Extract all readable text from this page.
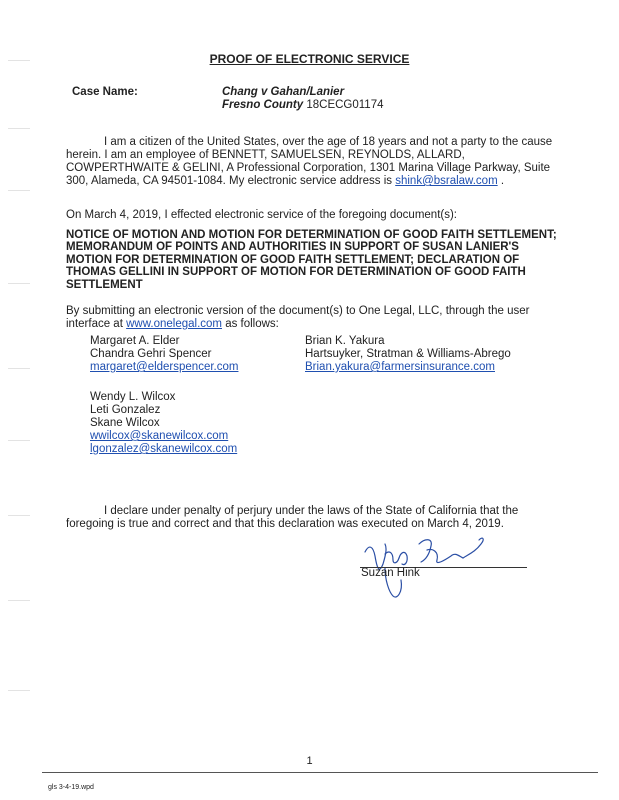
PROOF OF ELECTRONIC SERVICE
Case Name:	Chang v Gahan/Lanier
Fresno County 18CECG01174
I am a citizen of the United States, over the age of 18 years and not a party to the cause herein. I am an employee of BENNETT, SAMUELSEN, REYNOLDS, ALLARD, COWPERTHWAITE & GELINI, A Professional Corporation, 1301 Marina Village Parkway, Suite 300, Alameda, CA 94501-1084. My electronic service address is shink@bsralaw.com .
On March 4, 2019, I effected electronic service of the foregoing document(s):
NOTICE OF MOTION AND MOTION FOR DETERMINATION OF GOOD FAITH SETTLEMENT; MEMORANDUM OF POINTS AND AUTHORITIES IN SUPPORT OF SUSAN LANIER'S MOTION FOR DETERMINATION OF GOOD FAITH SETTLEMENT; DECLARATION OF THOMAS GELLINI IN SUPPORT OF MOTION FOR DETERMINATION OF GOOD FAITH SETTLEMENT
By submitting an electronic version of the document(s) to One Legal, LLC, through the user interface at www.onelegal.com as follows:
Margaret A. Elder
Chandra Gehri Spencer
margaret@elderspencer.com
Brian K. Yakura
Hartsuyker, Stratman & Williams-Abrego
Brian.yakura@farmersinsurance.com
Wendy L. Wilcox
Leti Gonzalez
Skane Wilcox
wwilcox@skanewilcox.com
lgonzalez@skanewilcox.com
I declare under penalty of perjury under the laws of the State of California that the foregoing is true and correct and that this declaration was executed on March 4, 2019.
Suzan Hink
1
gls 3-4-19.wpd
